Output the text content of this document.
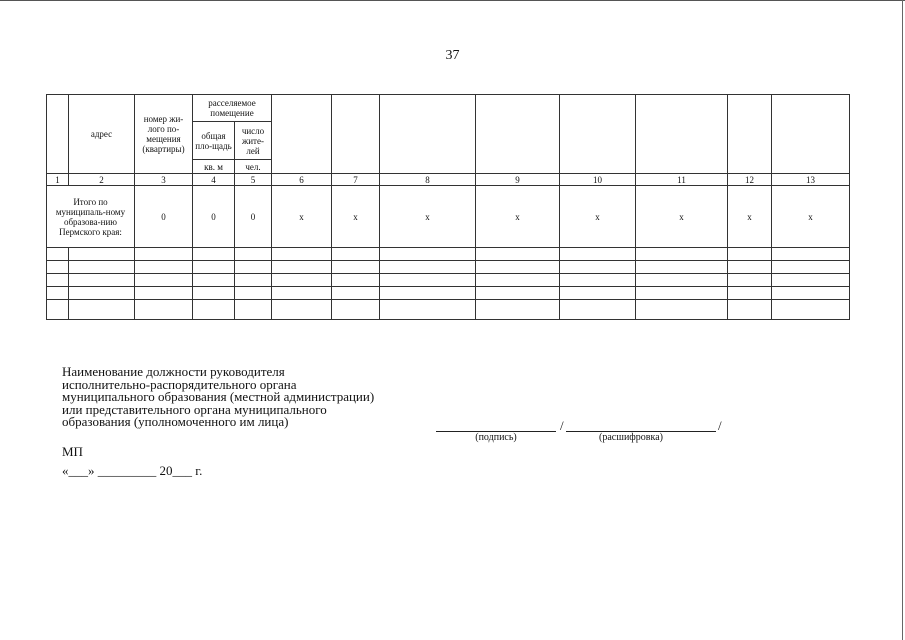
37
	адрес	номер жи-лого по-мещения (квартиры)	расселяемое помещение									
			общая пло-щадь	число жите-лей								
			кв. м	чел.								
1	2	3	4	5	6	7	8	9	10	11	12	13
Итого по муниципаль-ному образова-нию Пермского края:		0	0	0	x	x	x	x	x	x	x	x

Наименование должности руководителя
исполнительно-распорядительного органа
муниципального образования (местной администрации)
или представительного органа муниципального
образования (уполномоченного им лица)	/	/
(подпись)	(расшифровка)
МП
«___» _________ 20___ г.
